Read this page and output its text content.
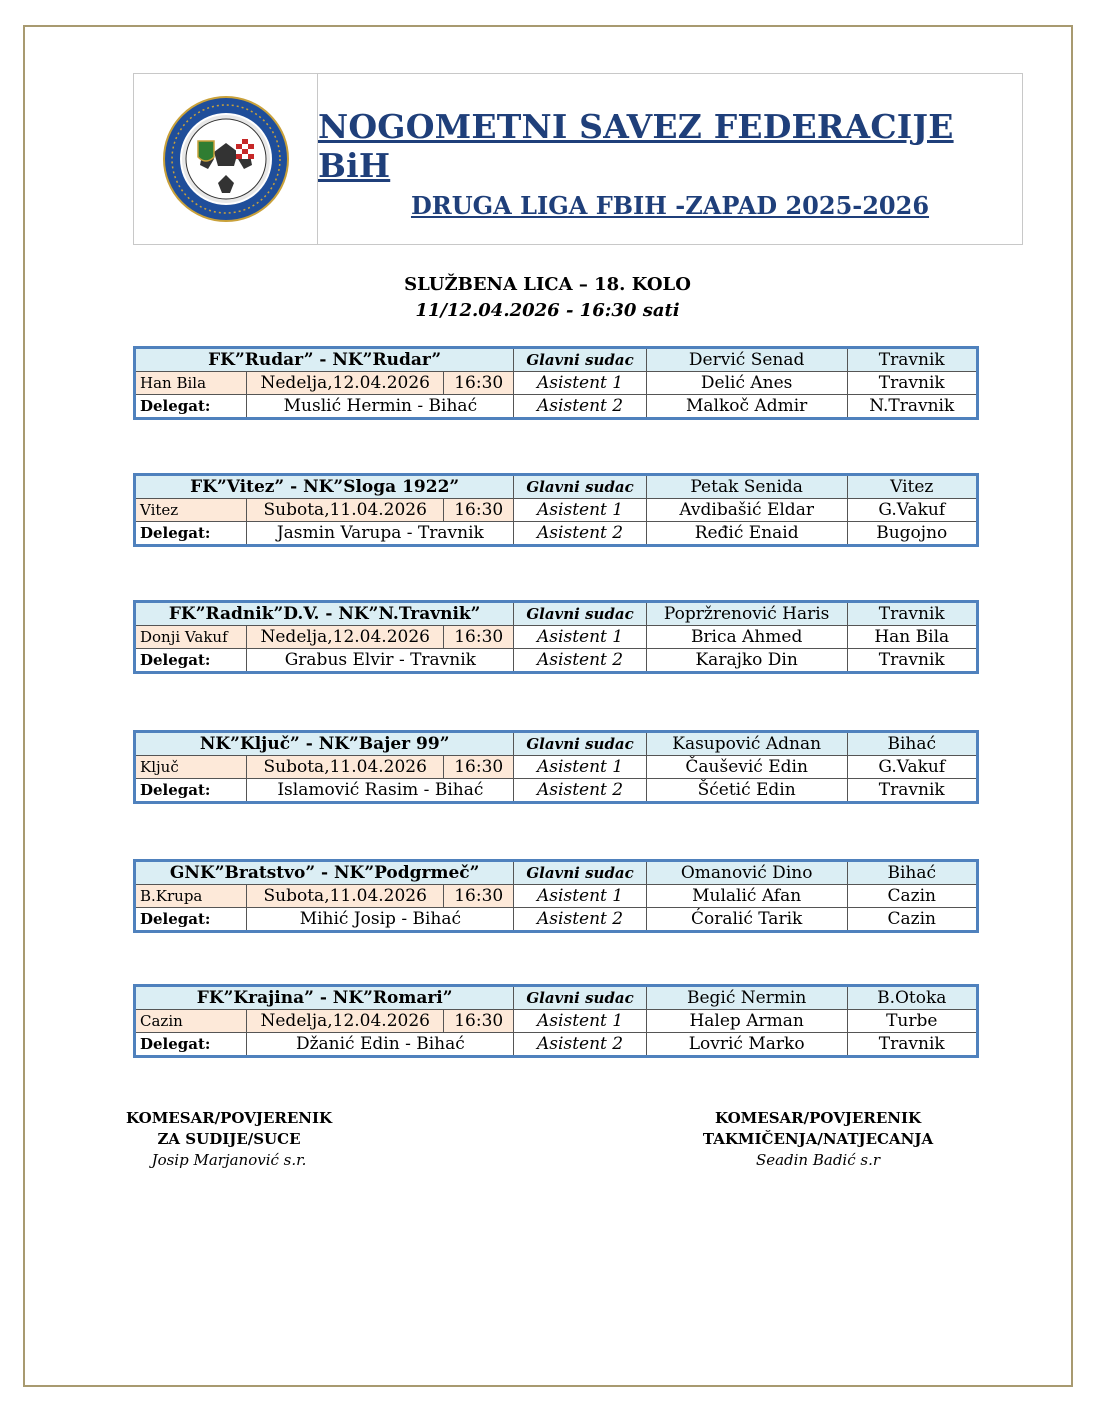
NOGOMETNI SAVEZ FEDERACIJE BiH
DRUGA LIGA FBIH -ZAPAD 2025-2026
SLUŽBENA LICA – 18. KOLO
11/12.04.2026 - 16:30 sati
FK”Rudar” - NK”Rudar”			Glavni sudac	Dervić Senad	Travnik
Han Bila	Nedelja,12.04.2026	16:30	Asistent 1	Delić Anes	Travnik
Delegat:	Muslić Hermin - Bihać		Asistent 2	Malkoč Admir	N.Travnik
FK”Vitez” - NK”Sloga 1922”			Glavni sudac	Petak Senida	Vitez
Vitez	Subota,11.04.2026	16:30	Asistent 1	Avdibašić Eldar	G.Vakuf
Delegat:	Jasmin Varupa - Travnik		Asistent 2	Ređić Enaid	Bugojno
FK”Radnik”D.V. - NK”N.Travnik”			Glavni sudac	Popržrenović Haris	Travnik
Donji Vakuf	Nedelja,12.04.2026	16:30	Asistent 1	Brica Ahmed	Han Bila
Delegat:	Grabus Elvir - Travnik		Asistent 2	Karajko Din	Travnik
NK”Ključ” - NK”Bajer 99”			Glavni sudac	Kasupović Adnan	Bihać
Ključ	Subota,11.04.2026	16:30	Asistent 1	Čaušević Edin	G.Vakuf
Delegat:	Islamović Rasim - Bihać		Asistent 2	Šćetić Edin	Travnik
GNK”Bratstvo” - NK”Podgrmeč”			Glavni sudac	Omanović Dino	Bihać
B.Krupa	Subota,11.04.2026	16:30	Asistent 1	Mulalić Afan	Cazin
Delegat:	Mihić Josip - Bihać		Asistent 2	Ćoralić Tarik	Cazin
FK”Krajina” - NK”Romari”			Glavni sudac	Begić Nermin	B.Otoka
Cazin	Nedelja,12.04.2026	16:30	Asistent 1	Halep Arman	Turbe
Delegat:	Džanić Edin - Bihać		Asistent 2	Lovrić Marko	Travnik
KOMESAR/POVJERENIK
ZA SUDIJE/SUCE
Josip Marjanović s.r.
KOMESAR/POVJERENIK
TAKMIČENJA/NATJECANJA
Seadin Badić s.r
